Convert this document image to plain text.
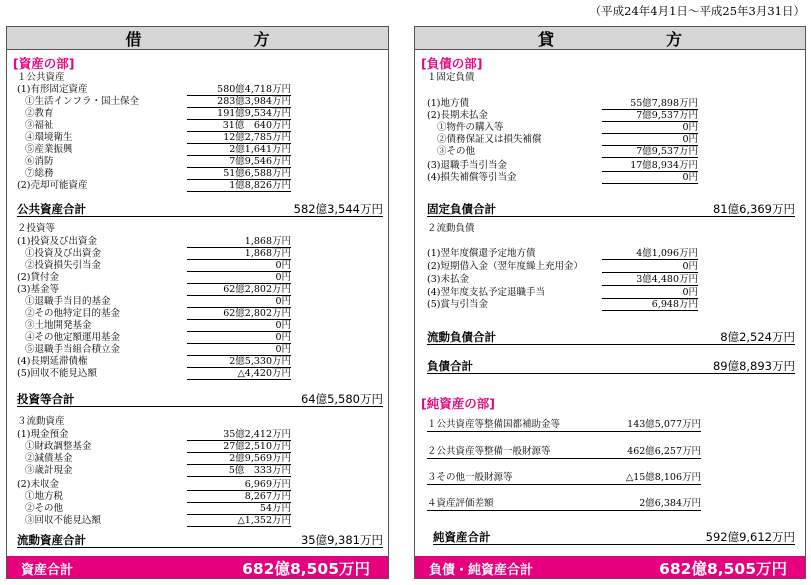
（平成24年4月1日〜平成25年3月31日）
借	方
[資産の部]
１公共資産
(1)有形固定資産	580億4,718万円
①生活インフラ・国土保全	283億3,984万円
②教育	191億9,534万円
③福祉	31億　640万円
④環境衛生	12億2,785万円
⑤産業振興	2億1,641万円
⑥消防	7億9,546万円
⑦総務	51億6,588万円
(2)売却可能資産	1億8,826万円
公共資産合計	582億3,544万円
２投資等
(1)投資及び出資金	1,868万円
①投資及び出資金	1,868万円
②投資損失引当金	0円
(2)貸付金	0円
(3)基金等	62億2,802万円
①退職手当目的基金	0円
②その他特定目的基金	62億2,802万円
③土地開発基金	0円
④その他定額運用基金	0円
⑤退職手当組合積立金	0円
(4)長期延滞債権	2億5,330万円
(5)回収不能見込額	△4,420万円
投資等合計	64億5,580万円
３流動資産
(1)現金預金	35億2,412万円
①財政調整基金	27億2,510万円
②減債基金	2億9,569万円
③歳計現金	5億　333万円
(2)未収金	6,969万円
①地方税	8,267万円
②その他	54万円
③回収不能見込額	△1,352万円
流動資産合計	35億9,381万円
資産合計	682億8,505万円
貸	方
[負債の部]
１固定負債
(1)地方債	55億7,898万円
(2)長期未払金	7億9,537万円
①物件の購入等	0円
②債務保証又は損失補償	0円
③その他	7億9,537万円
(3)退職手当引当金	17億8,934万円
(4)損失補償等引当金	0円
固定負債合計	81億6,369万円
２流動負債
(1)翌年度償還予定地方債	4億1,096万円
(2)短期借入金（翌年度繰上充用金）	0円
(3)未払金	3億4,480万円
(4)翌年度支払予定退職手当	0円
(5)賞与引当金	6,948万円
流動負債合計	8億2,524万円
負債合計	89億8,893万円
[純資産の部]
１公共資産等整備国都補助金等	143億5,077万円
２公共資産等整備一般財源等	462億6,257万円
３その他一般財源等	△15億8,106万円
４資産評価差額	2億6,384万円
純資産合計	592億9,612万円
負債・純資産合計	682億8,505万円
